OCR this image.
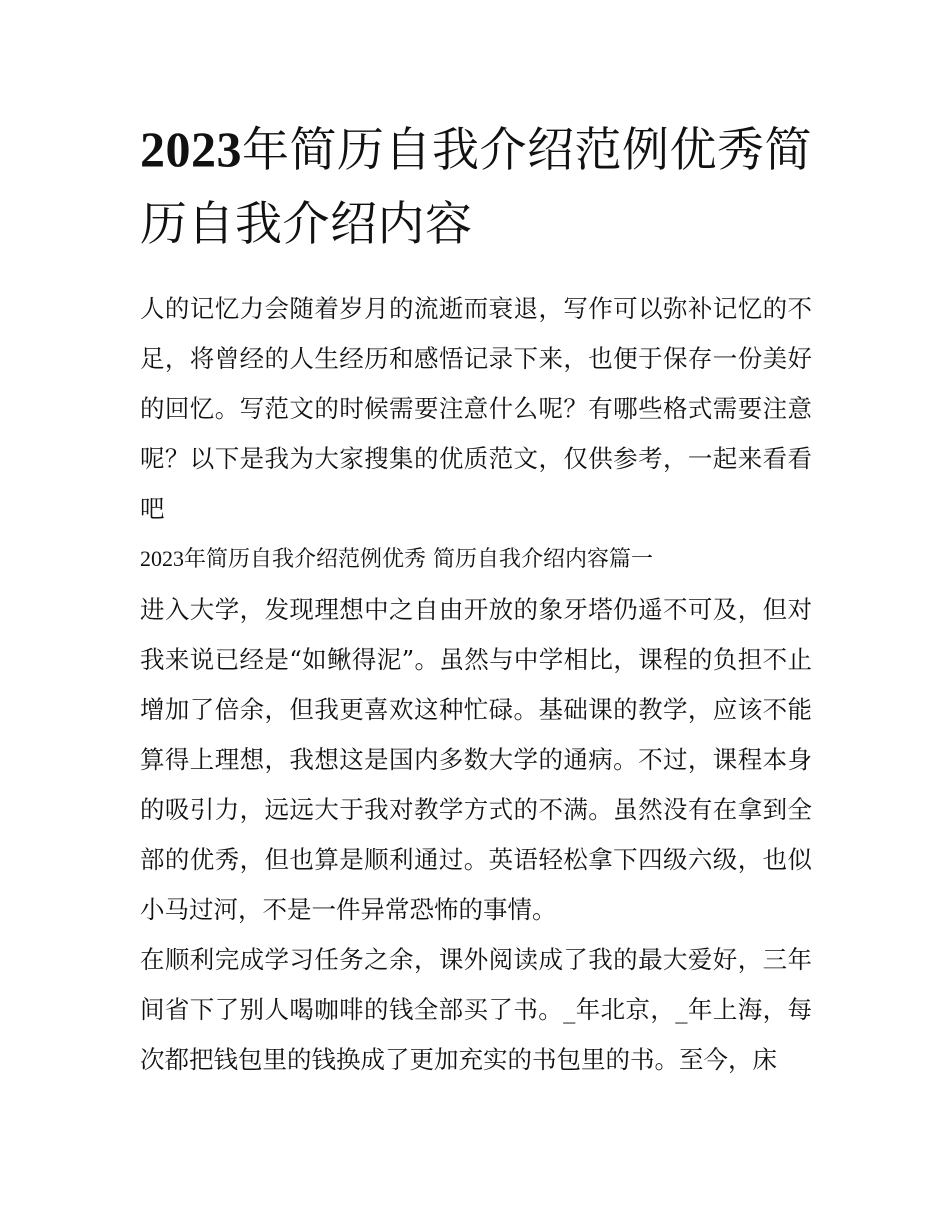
2023年简历自我介绍范例优秀简历自我介绍内容

人的记忆力会随着岁月的流逝而衰退，写作可以弥补记忆的不足，将曾经的人生经历和感悟记录下来，也便于保存一份美好的回忆。写范文的时候需要注意什么呢？有哪些格式需要注意呢？以下是我为大家搜集的优质范文，仅供参考，一起来看看吧

2023年简历自我介绍范例优秀 简历自我介绍内容篇一

进入大学，发现理想中之自由开放的象牙塔仍遥不可及，但对我来说已经是“如鳅得泥”。虽然与中学相比，课程的负担不止增加了倍余，但我更喜欢这种忙碌。基础课的教学，应该不能算得上理想，我想这是国内多数大学的通病。不过，课程本身的吸引力，远远大于我对教学方式的不满。虽然没有在拿到全部的优秀，但也算是顺利通过。英语轻松拿下四级六级，也似小马过河，不是一件异常恐怖的事情。

在顺利完成学习任务之余，课外阅读成了我的最大爱好，三年间省下了别人喝咖啡的钱全部买了书。_年北京，_年上海，每次都把钱包里的钱换成了更加充实的书包里的书。至今，床
